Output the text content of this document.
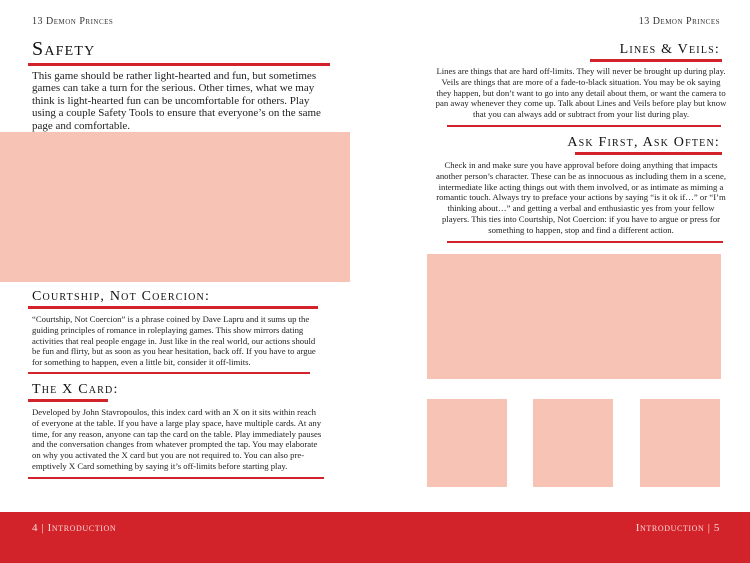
13 Demon Princes
Safety
This game should be rather light-hearted and fun, but sometimes games can take a turn for the serious. Other times, what we may think is light-hearted fun can be uncomfortable for others. Play using a couple Safety Tools to ensure that everyone’s on the same page and comfortable.
Courtship, Not Coercion:
“Courtship, Not Coercion” is a phrase coined by Dave Lapru and it sums up the guiding principles of romance in roleplaying games. This show mirrors dating activities that real people engage in. Just like in the real world, our actions should be fun and flirty, but as soon as you hear hesitation, back off. If you have to argue for something to happen, even a little bit, consider it off-limits.
The X Card:
Developed by John Stavropoulos, this index card with an X on it sits within reach of everyone at the table. If you have a large play space, have multiple cards. At any time, for any reason, anyone can tap the card on the table. Play immediately pauses and the conversation changes from whatever prompted the tap. You may elaborate on why you activated the X card but you are not required to. You can also pre-emptively X Card something by saying it’s off-limits before starting play.
13 Demon Princes
Lines & Veils:
Lines are things that are hard off-limits. They will never be brought up during play. Veils are things that are more of a fade-to-black situation. You may be ok saying they happen, but don’t want to go into any detail about them, or want the camera to pan away whenever they come up. Talk about Lines and Veils before play but know that you can always add or subtract from your list during play.
Ask First, Ask Often:
Check in and make sure you have approval before doing anything that impacts another person’s character. These can be as innocuous as including them in a scene, intermediate like acting things out with them involved, or as intimate as miming a romantic touch. Always try to preface your actions by saying “is it ok if…” or “I’m thinking about…” and getting a verbal and enthusiastic yes from your fellow players. This ties into Courtship, Not Coercion: if you have to argue or press for something to happen, stop and find a different action.
4 | Introduction	Introduction | 5
